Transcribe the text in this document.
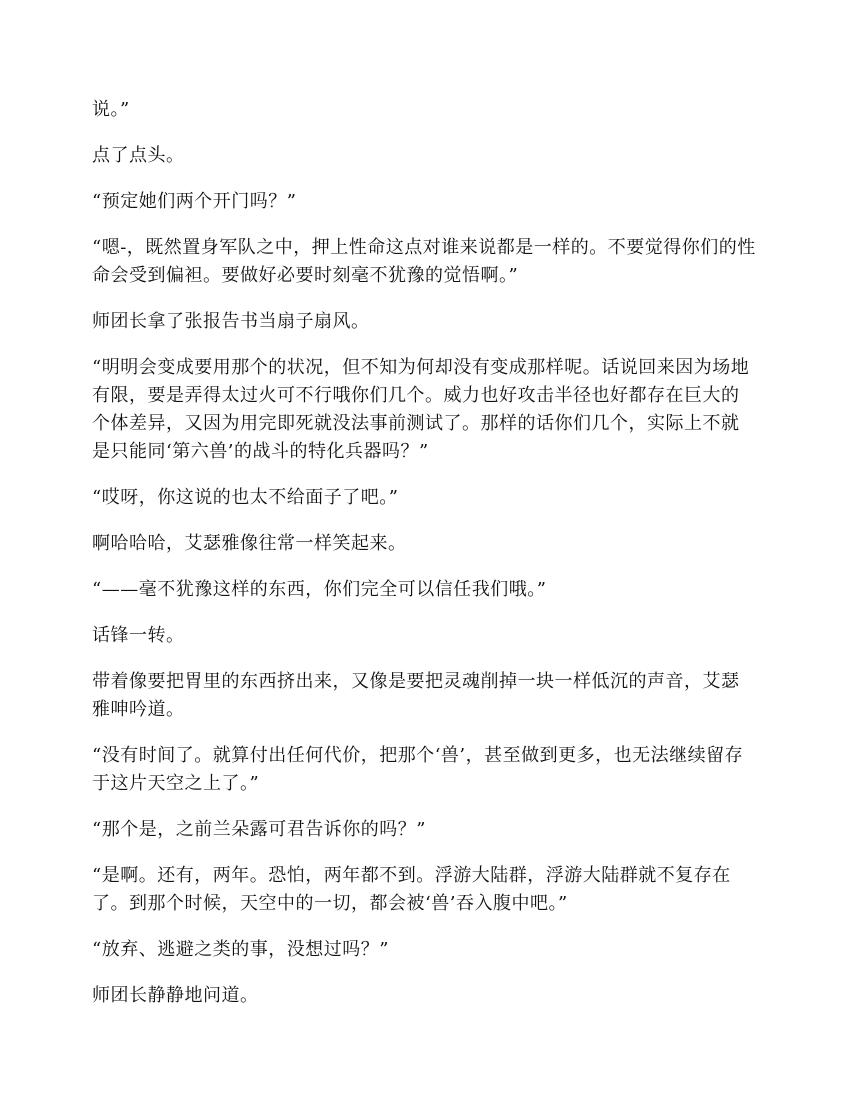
说。”

点了点头。

“预定她们两个开门吗？”

“嗯-，既然置身军队之中，押上性命这点对谁来说都是一样的。不要觉得你们的性命会受到偏袒。要做好必要时刻毫不犹豫的觉悟啊。”

师团长拿了张报告书当扇子扇风。

“明明会变成要用那个的状况，但不知为何却没有变成那样呢。话说回来因为场地有限，要是弄得太过火可不行哦你们几个。威力也好攻击半径也好都存在巨大的个体差异，又因为用完即死就没法事前测试了。那样的话你们几个，实际上不就是只能同‘第六兽’的战斗的特化兵器吗？”

“哎呀，你这说的也太不给面子了吧。”

啊哈哈哈，艾瑟雅像往常一样笑起来。

“——毫不犹豫这样的东西，你们完全可以信任我们哦。”

话锋一转。

带着像要把胃里的东西挤出来，又像是要把灵魂削掉一块一样低沉的声音，艾瑟雅呻吟道。

“没有时间了。就算付出任何代价，把那个‘兽’，甚至做到更多，也无法继续留存于这片天空之上了。”

“那个是，之前兰朵露可君告诉你的吗？”

“是啊。还有，两年。恐怕，两年都不到。浮游大陆群，浮游大陆群就不复存在了。到那个时候，天空中的一切，都会被‘兽’吞入腹中吧。”

“放弃、逃避之类的事，没想过吗？”

师团长静静地问道。
